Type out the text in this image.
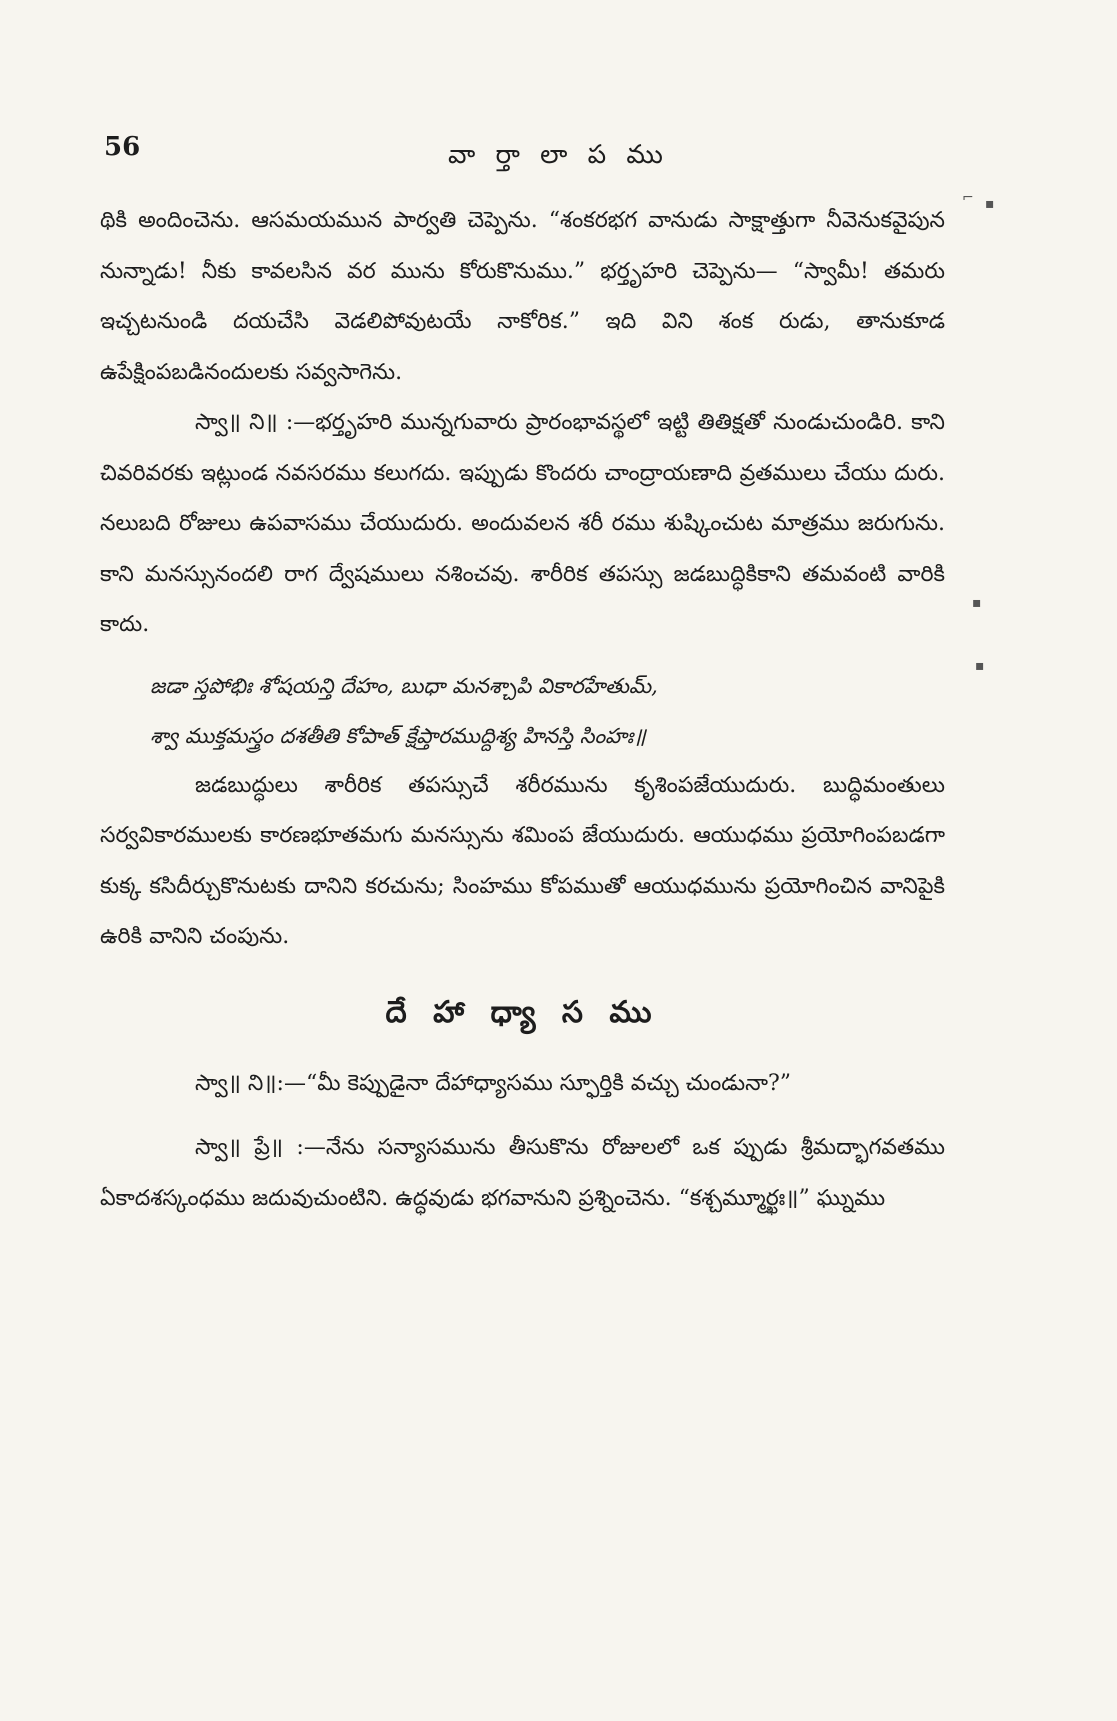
56	వా ర్తా లా ప ము
⌐ ▪
▪
▪

థికి అందించెను. ఆసమయమున పార్వతి చెప్పెను. “శంకరభగ వానుడు సాక్షాత్తుగా నీవెనుకవైపున నున్నాడు! నీకు కావలసిన వర మును కోరుకొనుము.” భర్తృహరి చెప్పెను— “స్వామీ! తమరు ఇచ్చటనుండి దయచేసి వెడలిపోవుటయే నాకోరిక.” ఇది విని శంక రుడు, తానుకూడ ఉపేక్షింపబడినందులకు సవ్వసాగెను.

స్వా॥ ని॥ :—భర్తృహరి మున్నగువారు ప్రారంభావస్థలో ఇట్టి తితిక్షతో నుండుచుండిరి. కాని చివరివరకు ఇట్లుండ నవసరము కలుగదు. ఇప్పుడు కొందరు చాంద్రాయణాది వ్రతములు చేయు దురు. నలుబది రోజులు ఉపవాసము చేయుదురు. అందువలన శరీ రము శుష్కించుట మాత్రము జరుగును. కాని మనస్సునందలి రాగ ద్వేషములు నశించవు. శారీరిక తపస్సు జడబుద్ధికికాని తమవంటి వారికి కాదు.

జడా స్తపోభిః శోషయన్తి దేహం, బుధా మనశ్చాపి వికారహేతుమ్,

శ్వా ముక్తమస్త్రం దశతీతి కోపాత్ క్షేప్తారముద్దిశ్య హినస్తి సింహః॥

జడబుద్ధులు శారీరిక తపస్సుచే శరీరమును కృశింపజేయుదురు. బుద్ధిమంతులు సర్వవికారములకు కారణభూతమగు మనస్సును శమింప జేయుదురు. ఆయుధము ప్రయోగింపబడగా కుక్క కసిదీర్చుకొనుటకు దానిని కరచును; సింహము కోపముతో ఆయుధమును ప్రయోగించిన వానిపైకి ఉరికి వానిని చంపును.

దే హా ధ్యా స ము

స్వా॥ ని॥:—“మీ కెప్పుడైనా దేహాధ్యాసము స్ఫూర్తికి వచ్చు చుండునా?”

స్వా॥ ప్రే॥ :—నేను సన్యాసమును తీసుకొను రోజులలో ఒక ప్పుడు శ్రీమద్భాగవతము ఏకాదశస్కంధము జదువుచుంటిని. ఉద్ధవుడు భగవానుని ప్రశ్నించెను. “కశ్చమ్మూర్ఖః॥” ఘ్నుము
